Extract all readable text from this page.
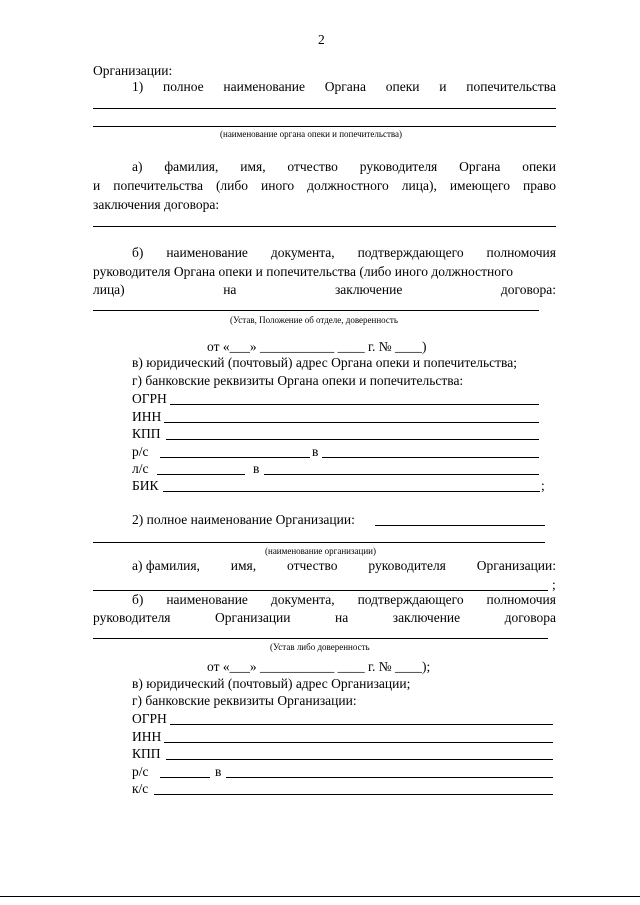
2
Организации:
1) полное наименование Органа опеки и попечительства
(наименование органа опеки и попечительства)
а) фамилия, имя, отчество руководителя Органа опеки
и попечительства (либо иного должностного лица), имеющего право
заключения договора:
б) наименование документа, подтверждающего полномочия
руководителя Органа опеки и попечительства (либо иного должностного
лица)	на	заключение	договора:
(Устав, Положение об отделе, доверенность
от «___» ___________ ____ г. № ____)
в) юридический (почтовый) адрес Органа опеки и попечительства;
г) банковские реквизиты Органа опеки и попечительства:
ОГРН
ИНН
КПП
р/с	в
л/с	в
БИК	;
2) полное наименование Организации:
(наименование организации)
а) фамилия, имя, отчество руководителя Организации:
;
б) наименование документа, подтверждающего полномочия
руководителя	Организации	на	заключение	договора
(Устав либо доверенность
от «___» ___________ ____ г. № ____);
в) юридический (почтовый) адрес Организации;
г) банковские реквизиты Организации:
ОГРН
ИНН
КПП
р/с	в
к/с
